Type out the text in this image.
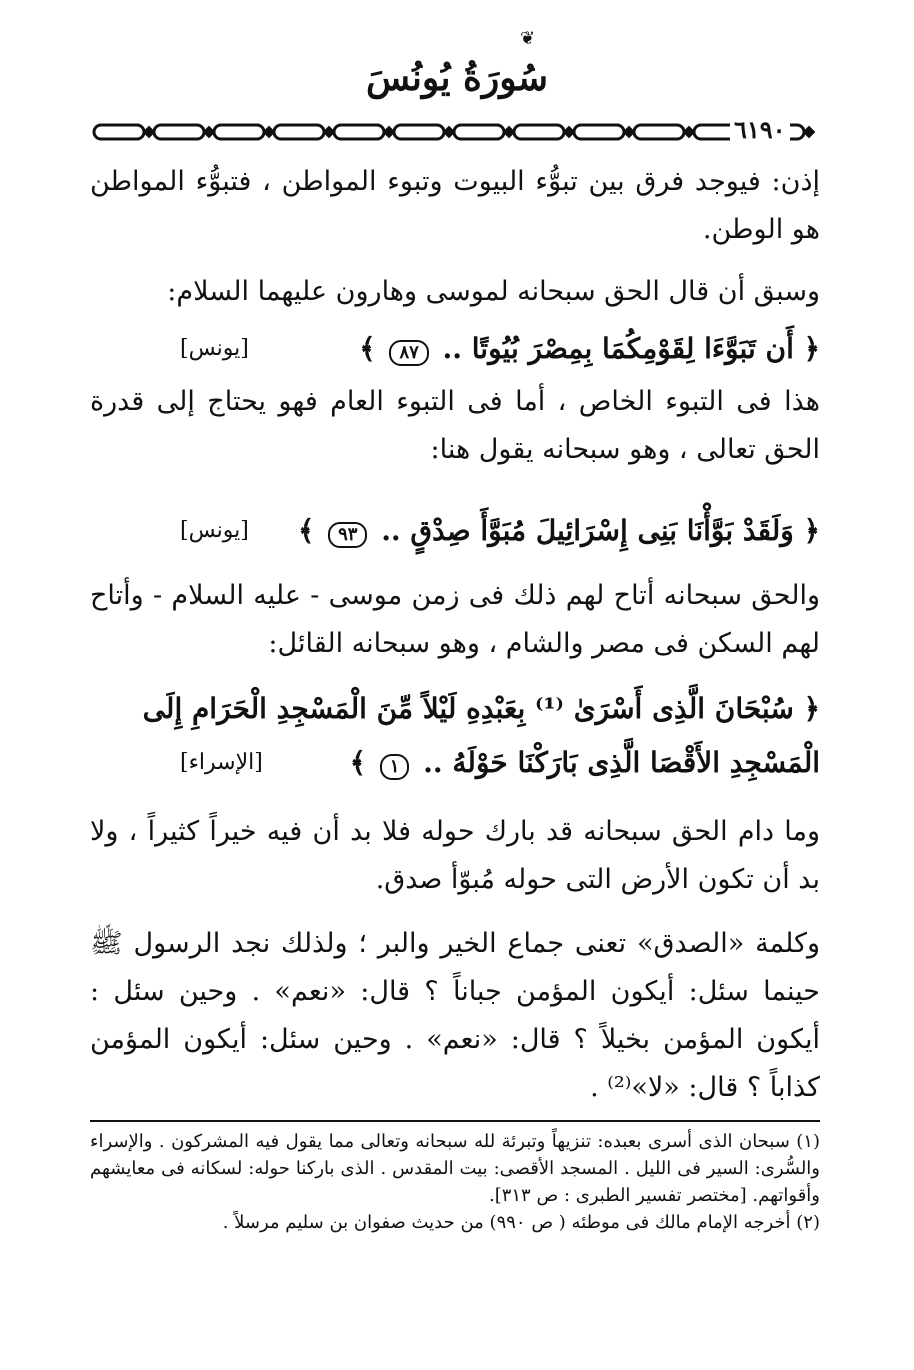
❦
سُورَةُ يُونُسَ
٦١٩٠
إذن: فيوجد فرق بين تبوُّء البيوت وتبوء المواطن ، فتبوُّء المواطن هو الوطن.
وسبق أن قال الحق سبحانه لموسى وهارون عليهما السلام:
﴿ أَن تَبَوَّءَا لِقَوْمِكُمَا بِمِصْرَ بُيُوتًا .. ٨٧ ﴾
[يونس]
هذا فى التبوء الخاص ، أما فى التبوء العام فهو يحتاج إلى قدرة الحق تعالى ، وهو سبحانه يقول هنا:
﴿ وَلَقَدْ بَوَّأْنَا بَنِى إِسْرَائِيلَ مُبَوَّأَ صِدْقٍ .. ٩٣ ﴾
[يونس]
والحق سبحانه أتاح لهم ذلك فى زمن موسى - عليه السلام - وأتاح لهم السكن فى مصر والشام ، وهو سبحانه القائل:
﴿ سُبْحَانَ الَّذِى أَسْرَىٰ ⁽¹⁾ بِعَبْدِهِ لَيْلاً مِّنَ الْمَسْجِدِ الْحَرَامِ إِلَى الْمَسْجِدِ الأَقْصَا الَّذِى بَارَكْنَا حَوْلَهُ .. ١ ﴾
[الإسراء]
وما دام الحق سبحانه قد بارك حوله فلا بد أن فيه خيراً كثيراً ، ولا بد أن تكون الأرض التى حوله مُبوّأ صدق.
وكلمة «الصدق» تعنى جماع الخير والبر ؛ ولذلك نجد الرسول ﷺ حينما سئل: أيكون المؤمن جباناً ؟ قال: «نعم» . وحين سئل : أيكون المؤمن بخيلاً ؟ قال: «نعم» . وحين سئل: أيكون المؤمن كذاباً ؟ قال: «لا»⁽²⁾ .

(١) سبحان الذى أسرى بعبده: تنزيهاً وتبرئة لله سبحانه وتعالى مما يقول فيه المشركون . والإسراء والسُّرى: السير فى الليل . المسجد الأقصى: بيت المقدس . الذى باركنا حوله: لسكانه فى معايشهم وأقواتهم. [مختصر تفسير الطبرى : ص ٣١٣].

(٢) أخرجه الإمام مالك فى موطئه ( ص ٩٩٠) من حديث صفوان بن سليم مرسلاً .
